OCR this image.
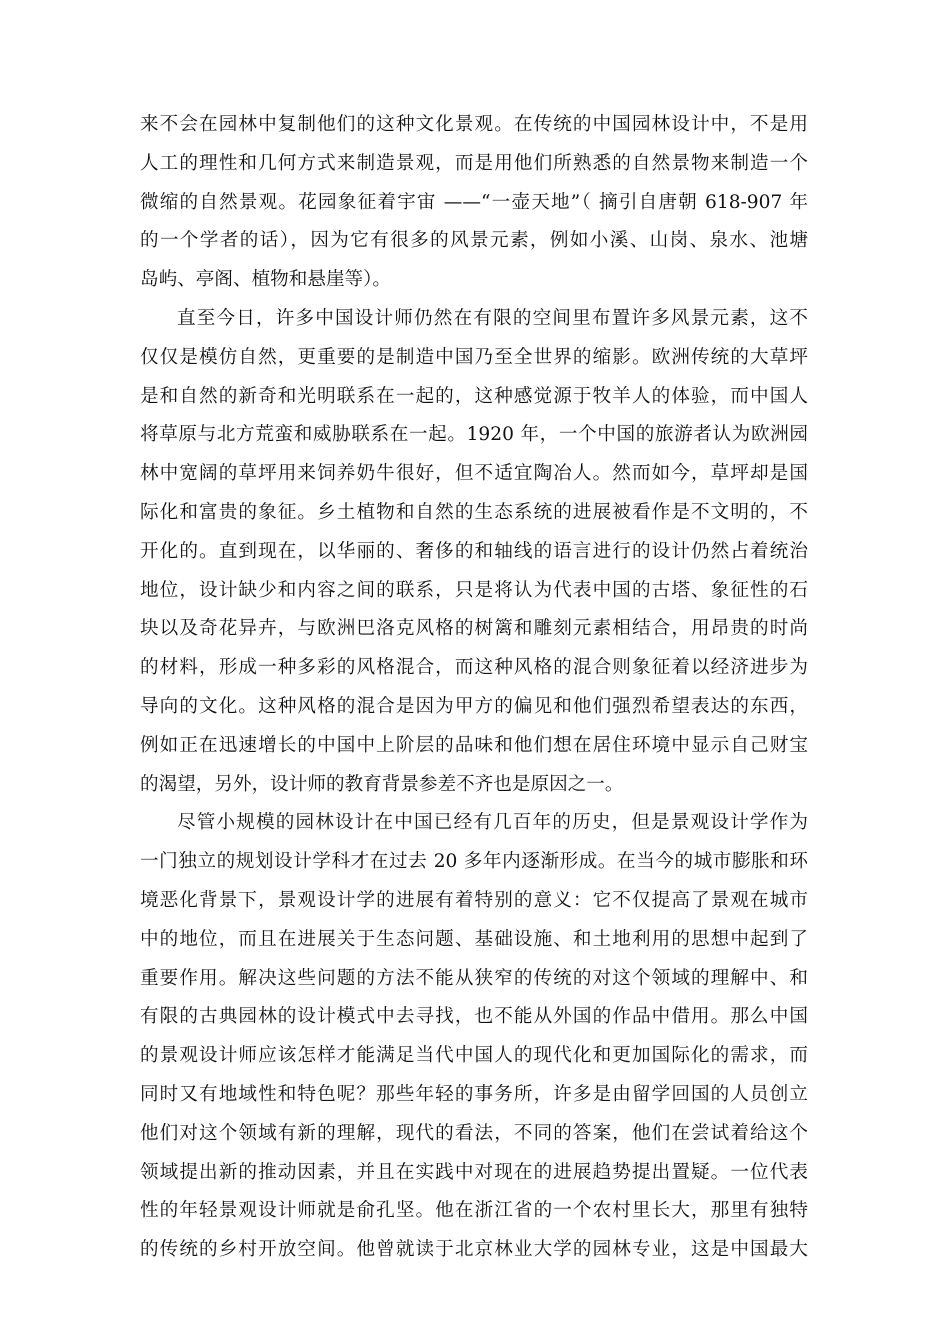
来不会在园林中复制他们的这种文化景观。在传统的中国园林设计中，不是用
人工的理性和几何方式来制造景观，而是用他们所熟悉的自然景物来制造一个
微缩的自然景观。花园象征着宇宙 ——“一壶天地”（ 摘引自唐朝 618-907 年
的一个学者的话），因为它有很多的风景元素，例如小溪、山岗、泉水、池塘
岛屿、亭阁、植物和悬崖等）。
直至今日，许多中国设计师仍然在有限的空间里布置许多风景元素，这不
仅仅是模仿自然，更重要的是制造中国乃至全世界的缩影。欧洲传统的大草坪
是和自然的新奇和光明联系在一起的，这种感觉源于牧羊人的体验，而中国人
将草原与北方荒蛮和威胁联系在一起。1920 年，一个中国的旅游者认为欧洲园
林中宽阔的草坪用来饲养奶牛很好，但不适宜陶冶人。然而如今，草坪却是国
际化和富贵的象征。乡土植物和自然的生态系统的进展被看作是不文明的，不
开化的。直到现在，以华丽的、奢侈的和轴线的语言进行的设计仍然占着统治
地位，设计缺少和内容之间的联系，只是将认为代表中国的古塔、象征性的石
块以及奇花异卉，与欧洲巴洛克风格的树篱和雕刻元素相结合，用昂贵的时尚
的材料，形成一种多彩的风格混合，而这种风格的混合则象征着以经济进步为
导向的文化。这种风格的混合是因为甲方的偏见和他们强烈希望表达的东西，
例如正在迅速增长的中国中上阶层的品味和他们想在居住环境中显示自己财宝
的渴望，另外，设计师的教育背景参差不齐也是原因之一。
尽管小规模的园林设计在中国已经有几百年的历史，但是景观设计学作为
一门独立的规划设计学科才在过去 20 多年内逐渐形成。在当今的城市膨胀和环
境恶化背景下，景观设计学的进展有着特别的意义：它不仅提高了景观在城市
中的地位，而且在进展关于生态问题、基础设施、和土地利用的思想中起到了
重要作用。解决这些问题的方法不能从狭窄的传统的对这个领域的理解中、和
有限的古典园林的设计模式中去寻找，也不能从外国的作品中借用。那么中国
的景观设计师应该怎样才能满足当代中国人的现代化和更加国际化的需求，而
同时又有地域性和特色呢？那些年轻的事务所，许多是由留学回国的人员创立
他们对这个领域有新的理解，现代的看法，不同的答案，他们在尝试着给这个
领域提出新的推动因素，并且在实践中对现在的进展趋势提出置疑。一位代表
性的年轻景观设计师就是俞孔坚。他在浙江省的一个农村里长大，那里有独特
的传统的乡村开放空间。他曾就读于北京林业大学的园林专业，这是中国最大
